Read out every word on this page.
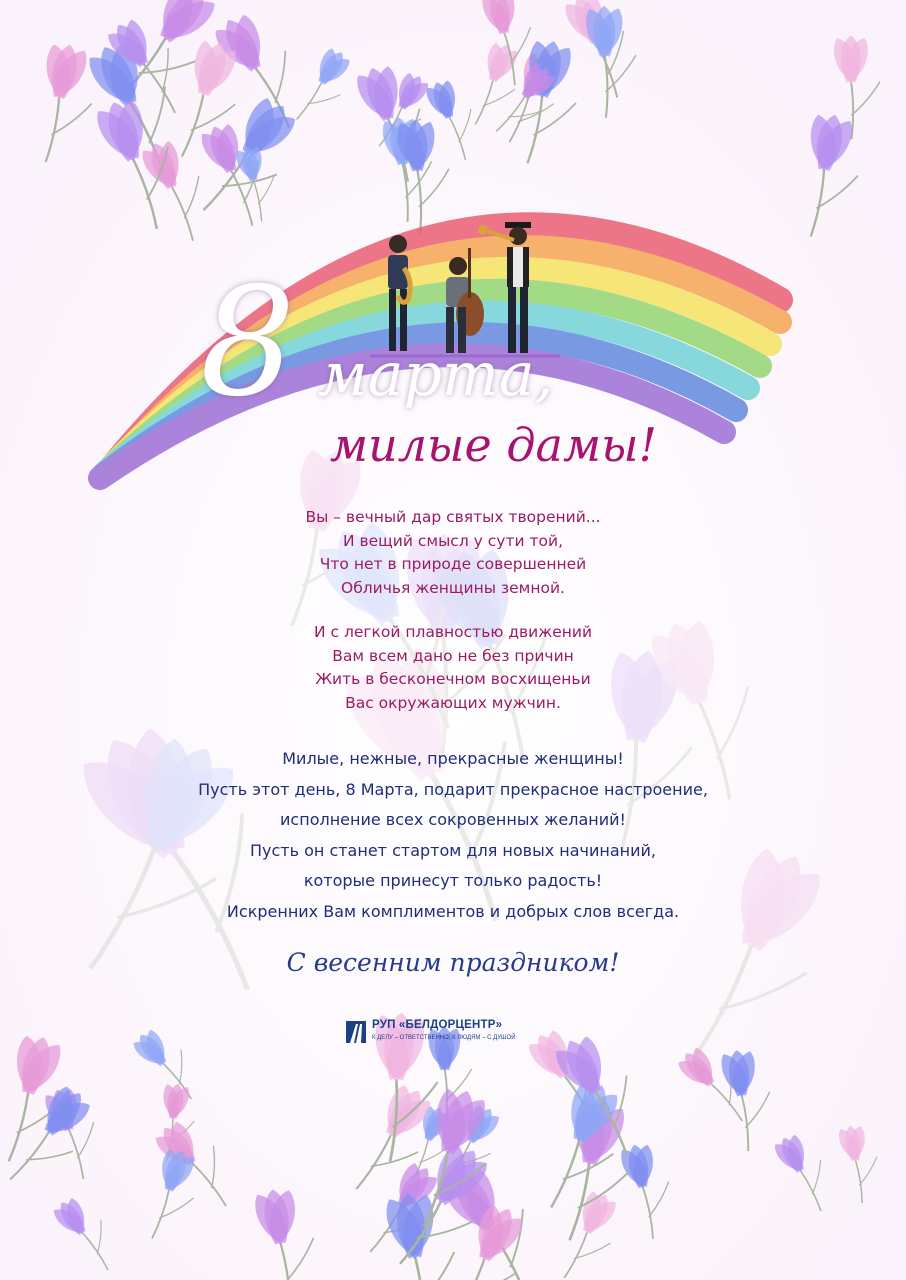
8 марта,
милые дамы!
Вы – вечный дар святых творений...
И вещий смысл у сути той,
Что нет в природе совершенней
Обличья женщины земной.
И с легкой плавностью движений
Вам всем дано не без причин
Жить в бесконечном восхищеньи
Вас окружающих мужчин.
Милые, нежные, прекрасные женщины!
Пусть этот день, 8 Марта, подарит прекрасное настроение,
исполнение всех сокровенных желаний!
Пусть он станет стартом для новых начинаний,
которые принесут только радость!
Искренних Вам комплиментов и добрых слов всегда.
С весенним праздником!
РУП «БЕЛДОРЦЕНТР»
К ДЕЛУ – ОТВЕТСТВЕННО, К ЛЮДЯМ – С ДУШОЙ
